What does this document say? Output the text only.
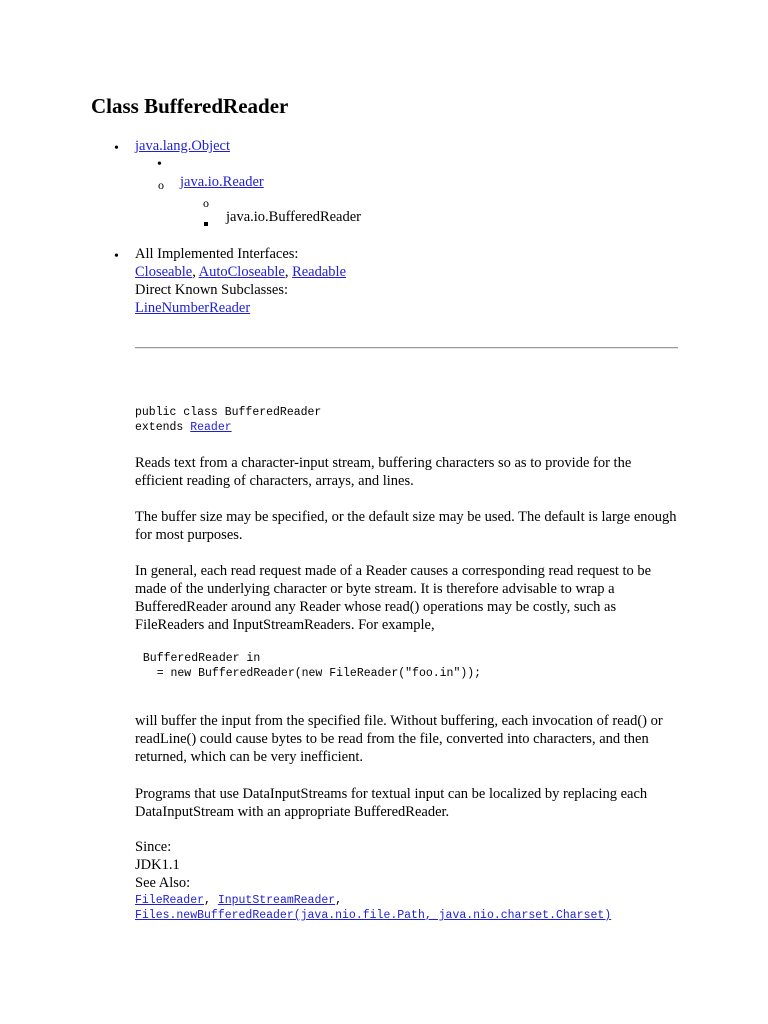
Class BufferedReader
• java.lang.Object
•
o java.io.Reader
o
java.io.BufferedReader
• All Implemented Interfaces:
Closeable, AutoCloseable, Readable
Direct Known Subclasses:
LineNumberReader
public class BufferedReader
extends Reader

Reads text from a character-input stream, buffering characters so as to provide for the efficient reading of characters, arrays, and lines.

The buffer size may be specified, or the default size may be used. The default is large enough for most purposes.

In general, each read request made of a Reader causes a corresponding read request to be made of the underlying character or byte stream. It is therefore advisable to wrap a BufferedReader around any Reader whose read() operations may be costly, such as FileReaders and InputStreamReaders. For example,

BufferedReader in
= new BufferedReader(new FileReader("foo.in"));

will buffer the input from the specified file. Without buffering, each invocation of read() or readLine() could cause bytes to be read from the file, converted into characters, and then returned, which can be very inefficient.

Programs that use DataInputStreams for textual input can be localized by replacing each DataInputStream with an appropriate BufferedReader.

Since:
JDK1.1
See Also:
FileReader, InputStreamReader,
Files.newBufferedReader(java.nio.file.Path, java.nio.charset.Charset)
